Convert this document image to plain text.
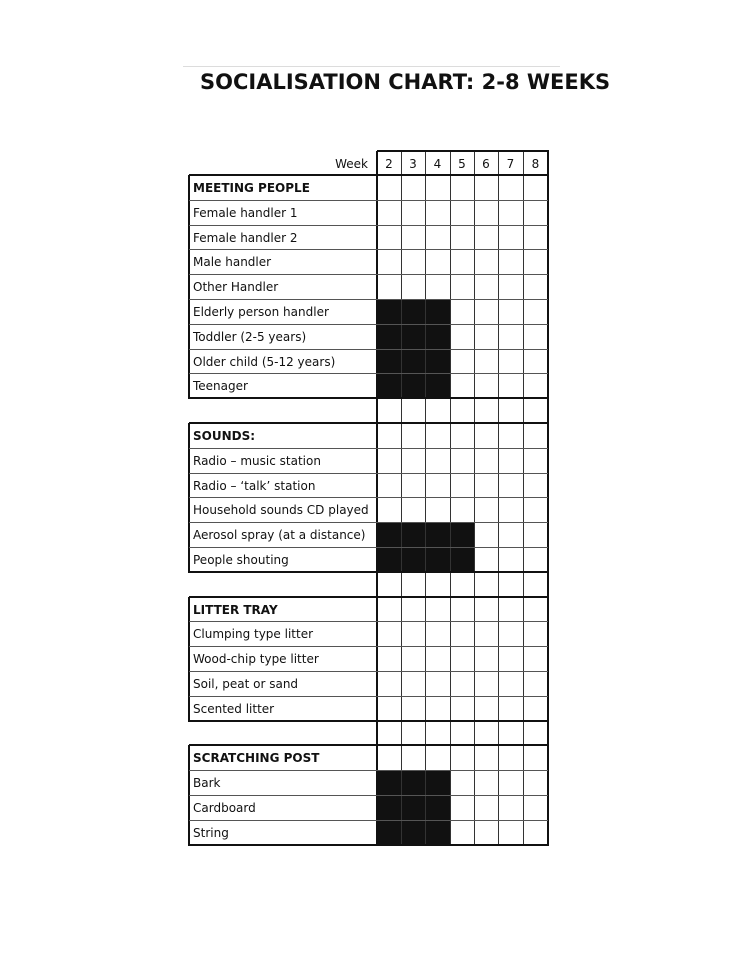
SOCIALISATION CHART: 2-8 WEEKS
Week	2	3	4	5	6	7	8
MEETING PEOPLE
Female handler 1
Female handler 2
Male handler
Other Handler
Elderly person handler
Toddler (2-5 years)
Older child (5-12 years)
Teenager
SOUNDS:
Radio – music station
Radio – ‘talk’ station
Household sounds CD played
Aerosol spray (at a distance)
People shouting
LITTER TRAY
Clumping type litter
Wood-chip type litter
Soil, peat or sand
Scented litter
SCRATCHING POST
Bark
Cardboard
String
